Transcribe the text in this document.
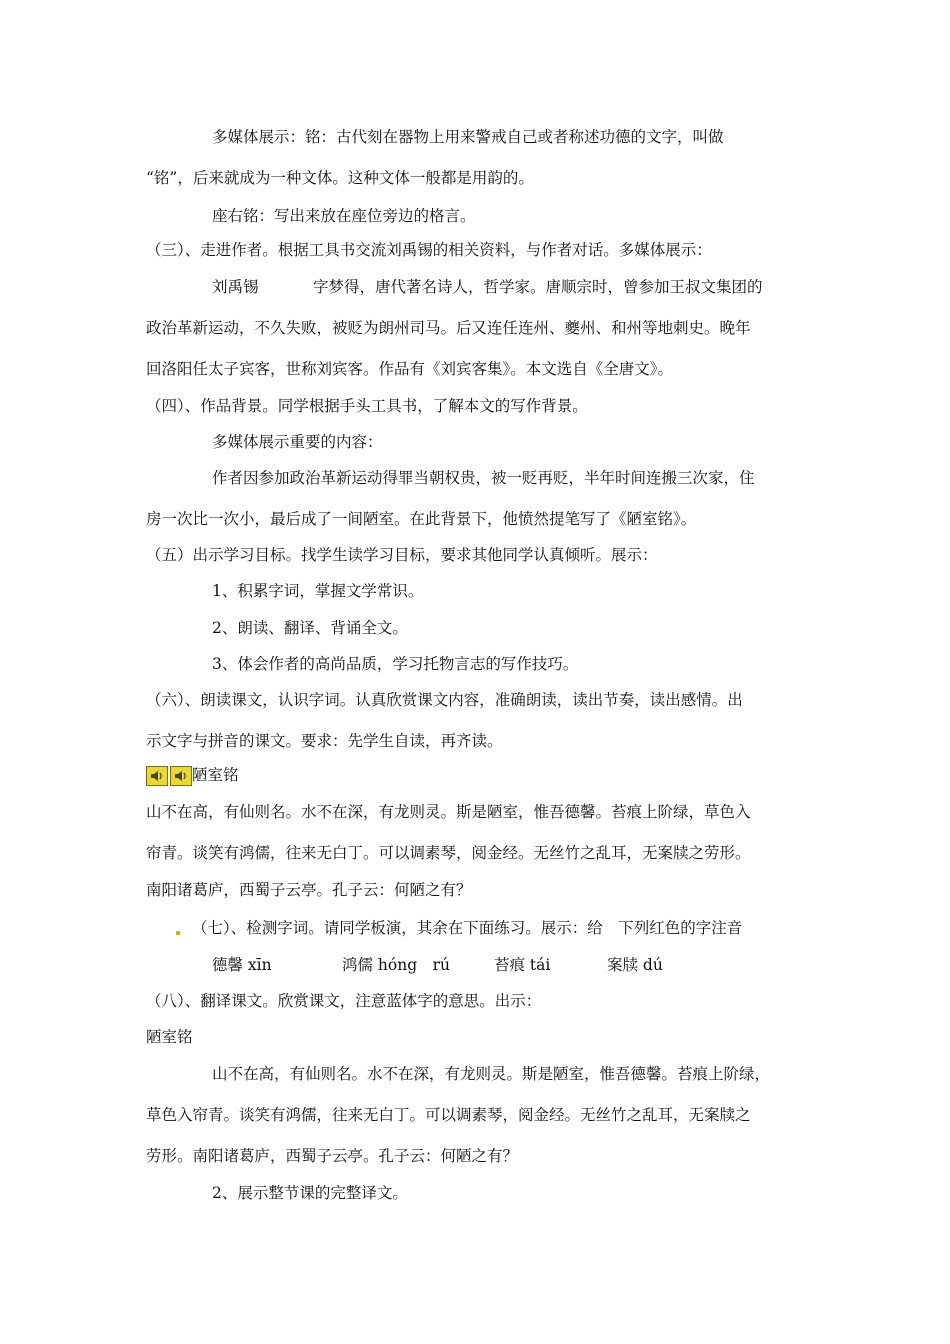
多媒体展示：铭：古代刻在器物上用来警戒自己或者称述功德的文字，叫做
“铭”，后来就成为一种文体。这种文体一般都是用韵的。
座右铭：写出来放在座位旁边的格言。
（三）、走进作者。根据工具书交流刘禹锡的相关资料，与作者对话。多媒体展示：
刘禹锡	字梦得，唐代著名诗人，哲学家。唐顺宗时，曾参加王叔文集团的
政治革新运动，不久失败，被贬为朗州司马。后又连任连州、夔州、和州等地刺史。晚年
回洛阳任太子宾客，世称刘宾客。作品有《刘宾客集》。本文选自《全唐文》。
（四）、作品背景。同学根据手头工具书，了解本文的写作背景。
多媒体展示重要的内容：
作者因参加政治革新运动得罪当朝权贵，被一贬再贬，半年时间连搬三次家，住
房一次比一次小，最后成了一间陋室。在此背景下，他愤然提笔写了《陋室铭》。
（五）出示学习目标。找学生读学习目标，要求其他同学认真倾听。展示：
1、积累字词，掌握文学常识。
2、朗读、翻译、背诵全文。
3、体会作者的高尚品质，学习托物言志的写作技巧。
（六）、朗读课文，认识字词。认真欣赏课文内容，准确朗读，读出节奏，读出感情。出
示文字与拼音的课文。要求：先学生自读，再齐读。
陋室铭
山不在高，有仙则名。水不在深，有龙则灵。斯是陋室，惟吾德馨。苔痕上阶绿，草色入
帘青。谈笑有鸿儒，往来无白丁。可以调素琴，阅金经。无丝竹之乱耳，无案牍之劳形。
南阳诸葛庐，西蜀子云亭。孔子云：何陋之有？
（七）、检测字词。请同学板演，其余在下面练习。展示：给　下列红色的字注音
德馨 xīn	鸿儒 hóng　rú	苔痕 tái	案牍 dú
（八）、翻译课文。欣赏课文，注意蓝体字的意思。出示：
陋室铭
山不在高，有仙则名。水不在深，有龙则灵。斯是陋室，惟吾德馨。苔痕上阶绿，
草色入帘青。谈笑有鸿儒，往来无白丁。可以调素琴，阅金经。无丝竹之乱耳，无案牍之
劳形。南阳诸葛庐，西蜀子云亭。孔子云：何陋之有？
2、展示整节课的完整译文。
